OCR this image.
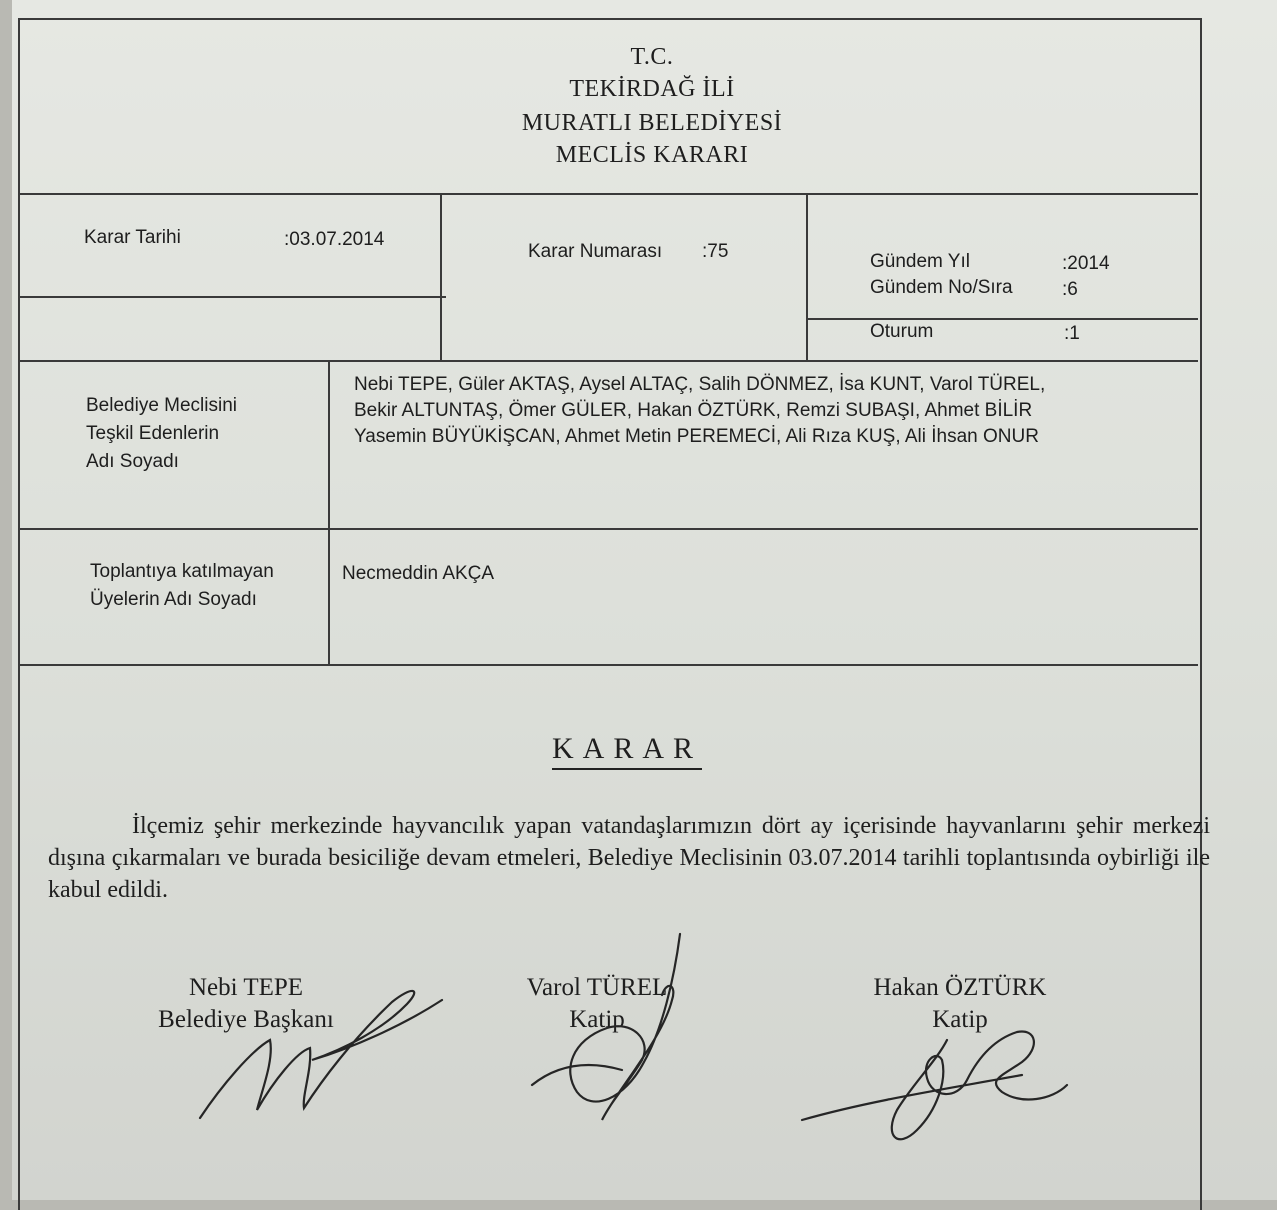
T.C.
TEKİRDAĞ İLİ
MURATLI BELEDİYESİ
MECLİS KARARI
Karar Tarihi	:03.07.2014
Karar Numarası :75	Gündem Yıl	:2014
Gündem No/Sıra	:6
Oturum	:1
Belediye Meclisini
Teşkil Edenlerin
Adı Soyadı
Nebi TEPE, Güler AKTAŞ, Aysel ALTAÇ, Salih DÖNMEZ, İsa KUNT, Varol TÜREL,
Bekir ALTUNTAŞ, Ömer GÜLER, Hakan ÖZTÜRK, Remzi SUBAŞI, Ahmet BİLİR
Yasemin BÜYÜKİŞCAN, Ahmet Metin PEREMECİ, Ali Rıza KUŞ, Ali İhsan ONUR
Toplantıya katılmayan
Üyelerin Adı Soyadı
Necmeddin AKÇA
KARAR
İlçemiz şehir merkezinde hayvancılık yapan vatandaşlarımızın dört ay içerisinde hayvanlarını şehir merkezi dışına çıkarmaları ve burada besiciliğe devam etmeleri, Belediye Meclisinin 03.07.2014 tarihli toplantısında oybirliği ile kabul edildi.
Nebi TEPE
Belediye Başkanı
Varol TÜREL
Katip
Hakan ÖZTÜRK
Katip
